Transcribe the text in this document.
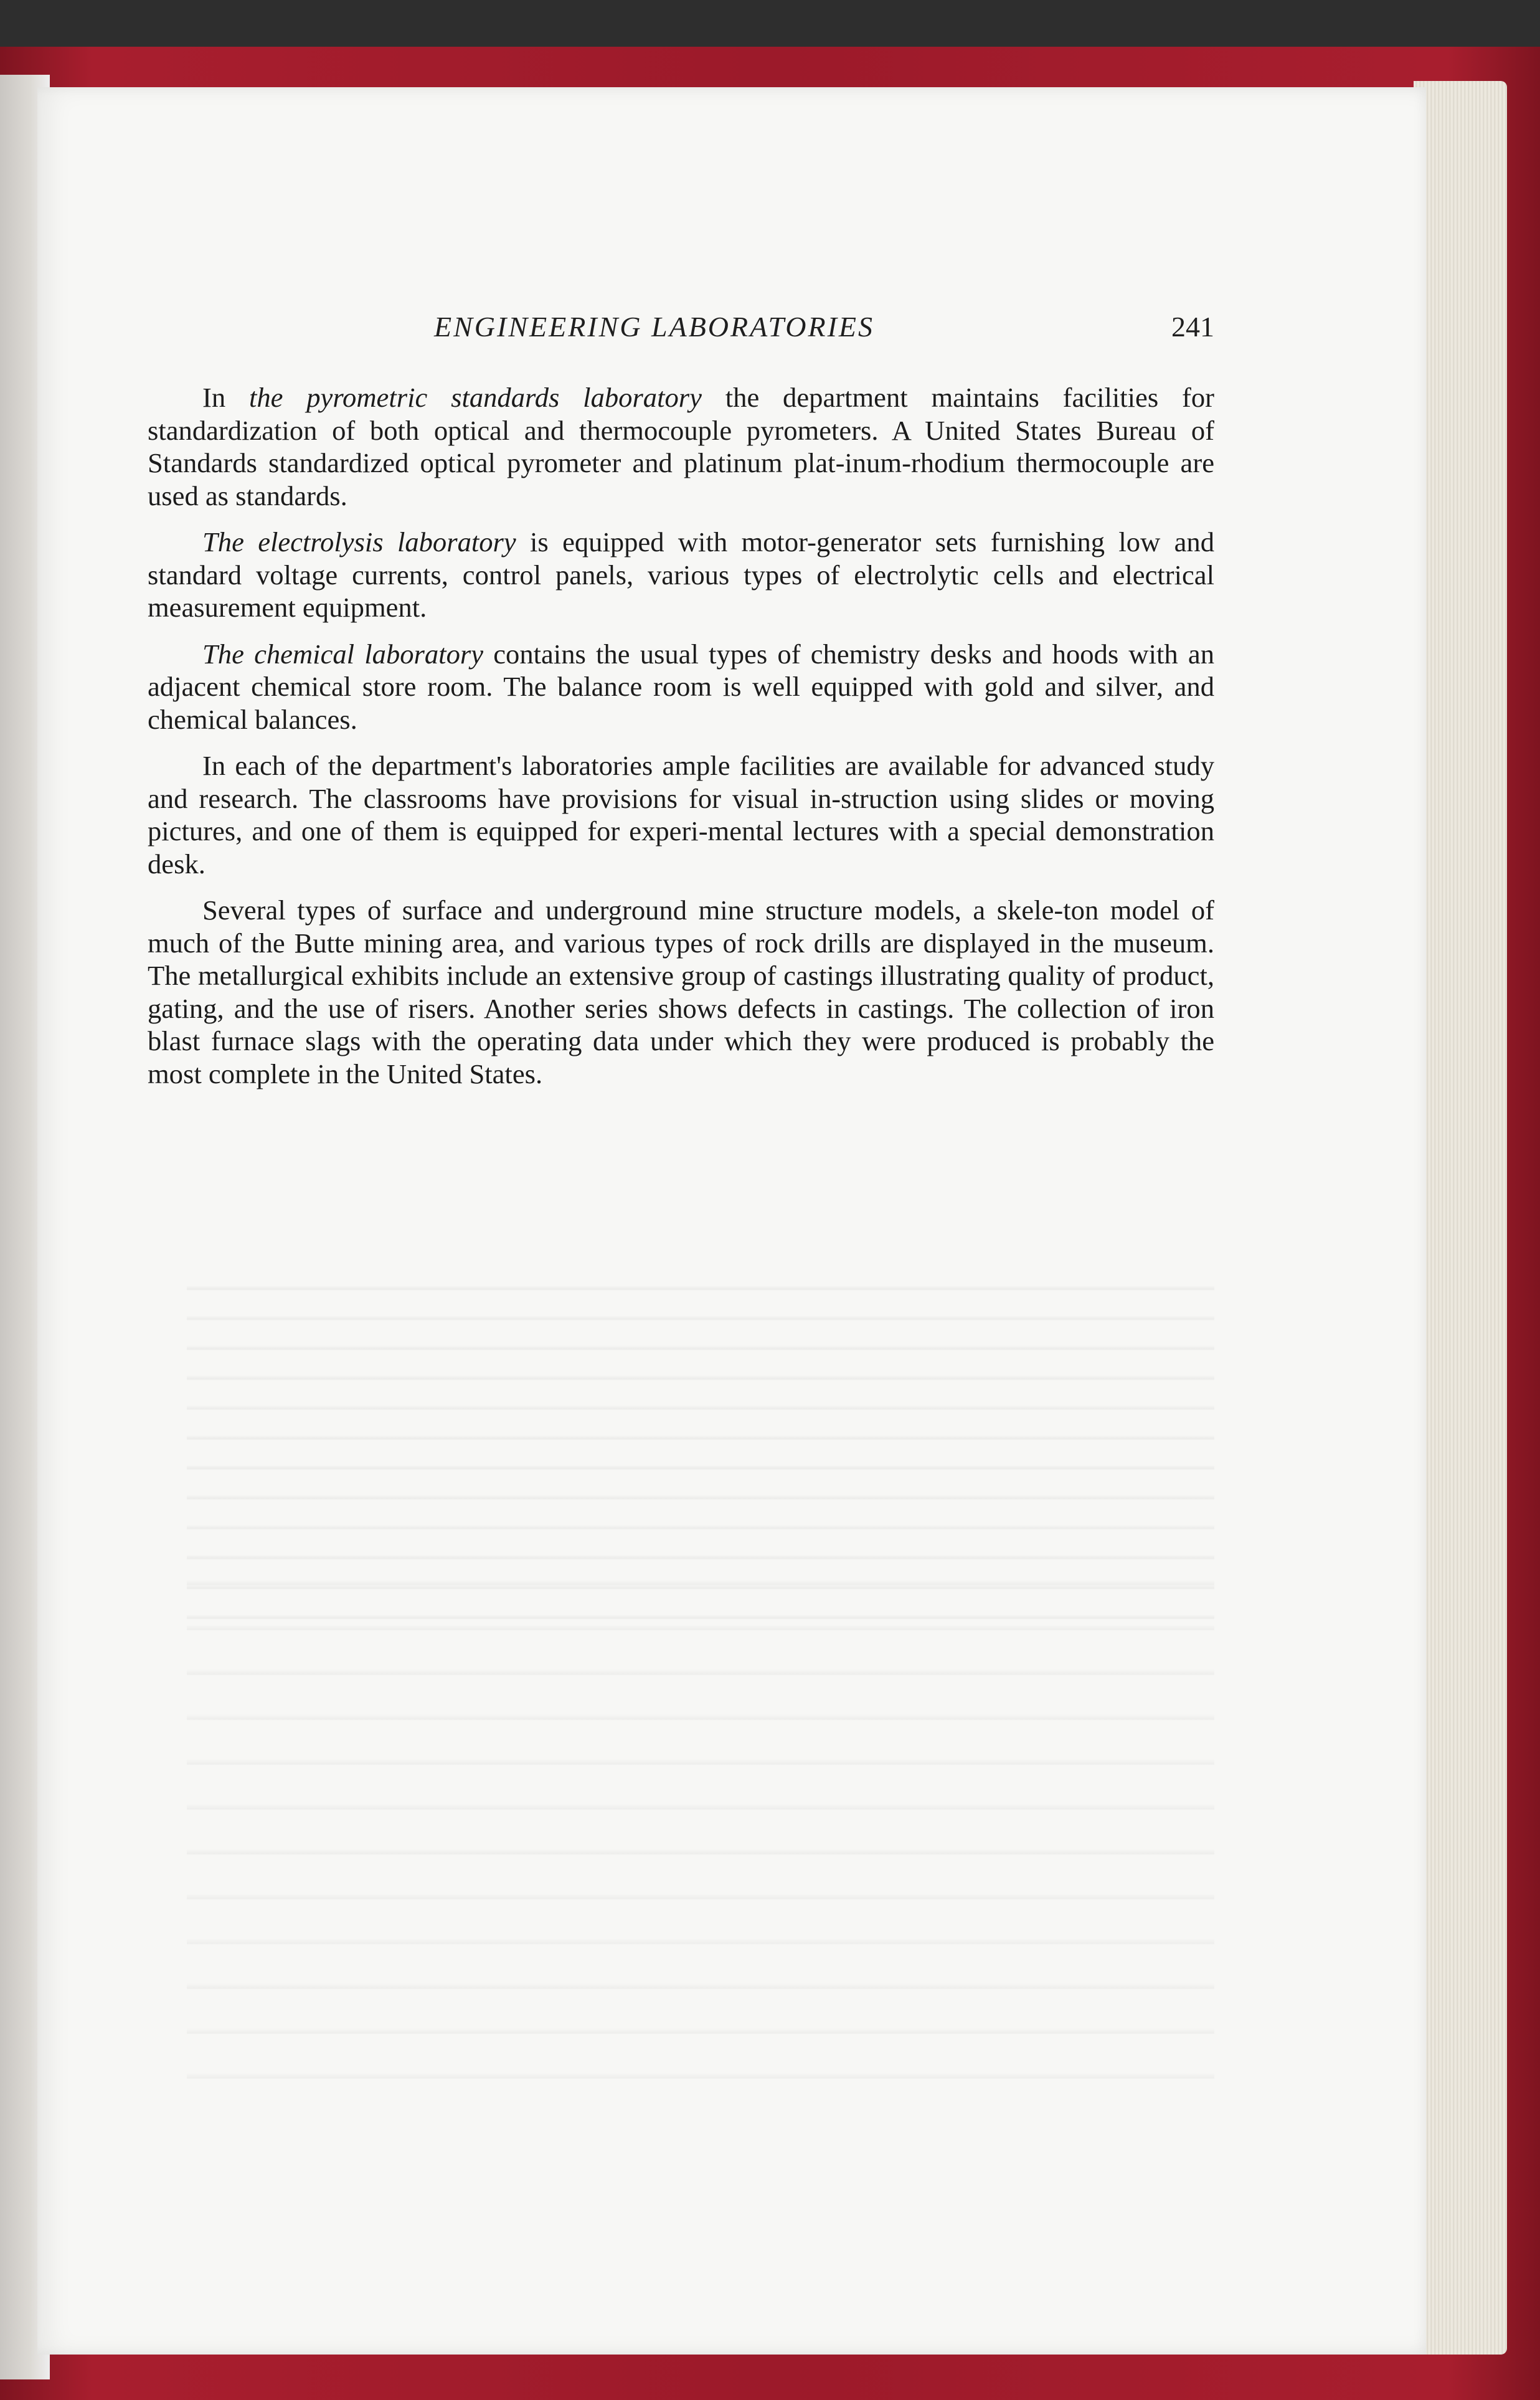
ENGINEERING LABORATORIES	241

In the pyrometric standards laboratory the department maintains facilities for standardization of both optical and thermocouple pyrometers. A United States Bureau of Standards standardized optical pyrometer and platinum plat-inum-rhodium thermocouple are used as standards.

The electrolysis laboratory is equipped with motor-generator sets furnishing low and standard voltage currents, control panels, various types of electrolytic cells and electrical measurement equipment.

The chemical laboratory contains the usual types of chemistry desks and hoods with an adjacent chemical store room. The balance room is well equipped with gold and silver, and chemical balances.

In each of the department's laboratories ample facilities are available for advanced study and research. The classrooms have provisions for visual in-struction using slides or moving pictures, and one of them is equipped for experi-mental lectures with a special demonstration desk.

Several types of surface and underground mine structure models, a skele-ton model of much of the Butte mining area, and various types of rock drills are displayed in the museum. The metallurgical exhibits include an extensive group of castings illustrating quality of product, gating, and the use of risers. Another series shows defects in castings. The collection of iron blast furnace slags with the operating data under which they were produced is probably the most complete in the United States.
